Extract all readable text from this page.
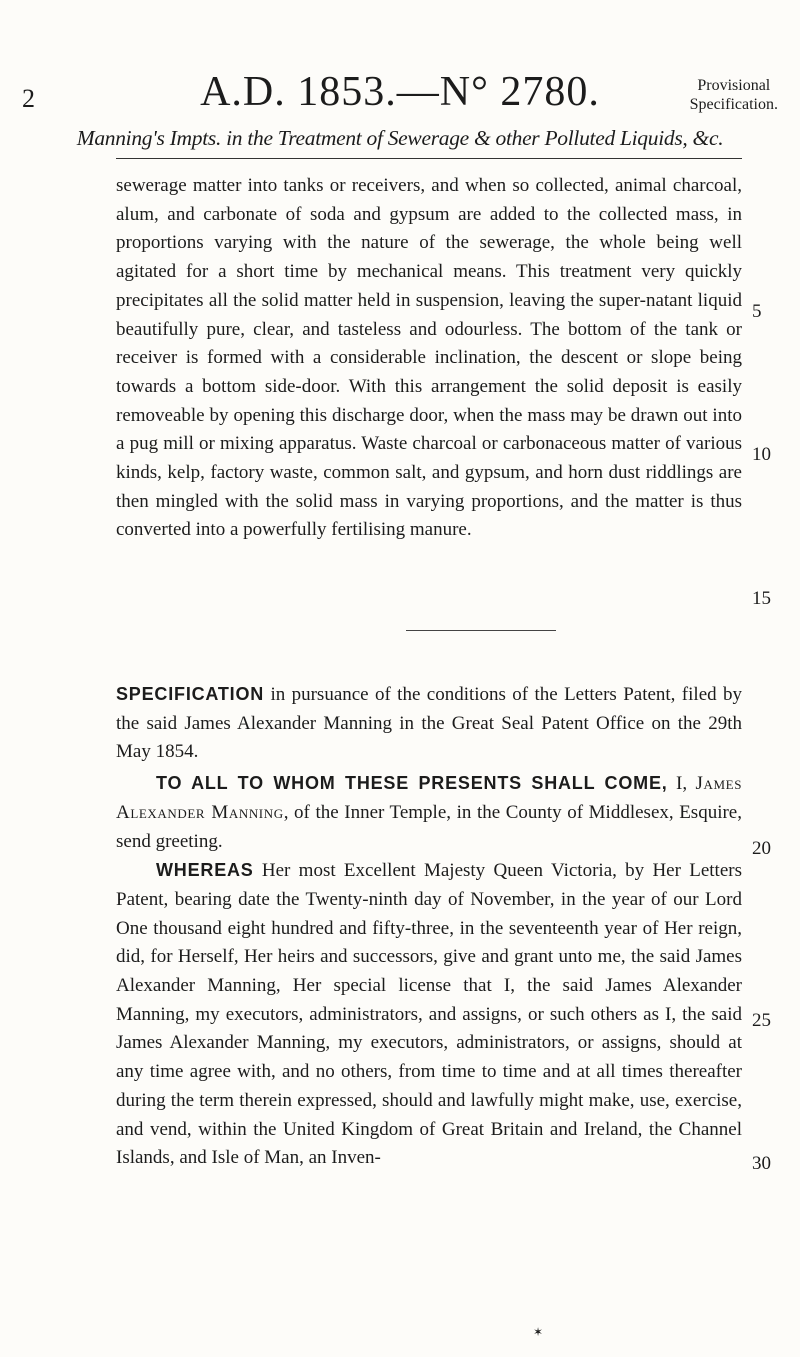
2	A.D. 1853.—N° 2780.	Provisional
Specification.
Manning's Impts. in the Treatment of Sewerage & other Polluted Liquids, &c.

sewerage matter into tanks or receivers, and when so collected, animal charcoal, alum, and carbonate of soda and gypsum are added to the collected mass, in proportions varying with the nature of the sewerage, the whole being well agitated for a short time by mechanical means. This treatment very quickly precipitates all the solid matter held in suspension, leaving the super-natant liquid beautifully pure, clear, and tasteless and odourless. The bottom of the tank or receiver is formed with a considerable inclination, the descent or slope being towards a bottom side-door. With this arrangement the solid deposit is easily removeable by opening this discharge door, when the mass may be drawn out into a pug mill or mixing apparatus. Waste charcoal or carbonaceous matter of various kinds, kelp, factory waste, common salt, and gypsum, and horn dust riddlings are then mingled with the solid mass in varying proportions, and the matter is thus converted into a powerfully fertilising manure.

5
10
15

SPECIFICATION in pursuance of the conditions of the Letters Patent, filed by the said James Alexander Manning in the Great Seal Patent Office on the 29th May 1854.

TO ALL TO WHOM THESE PRESENTS SHALL COME, I, James Alexander Manning, of the Inner Temple, in the County of Middlesex, Esquire, send greeting.

WHEREAS Her most Excellent Majesty Queen Victoria, by Her Letters Patent, bearing date the Twenty-ninth day of November, in the year of our Lord One thousand eight hundred and fifty-three, in the seventeenth year of Her reign, did, for Herself, Her heirs and successors, give and grant unto me, the said James Alexander Manning, Her special license that I, the said James Alexander Manning, my executors, administrators, and assigns, or such others as I, the said James Alexander Manning, my executors, administrators, or assigns, should at any time agree with, and no others, from time to time and at all times thereafter during the term therein expressed, should and lawfully might make, use, exercise, and vend, within the United Kingdom of Great Britain and Ireland, the Channel Islands, and Isle of Man, an Inven-

20
25
30
✶
